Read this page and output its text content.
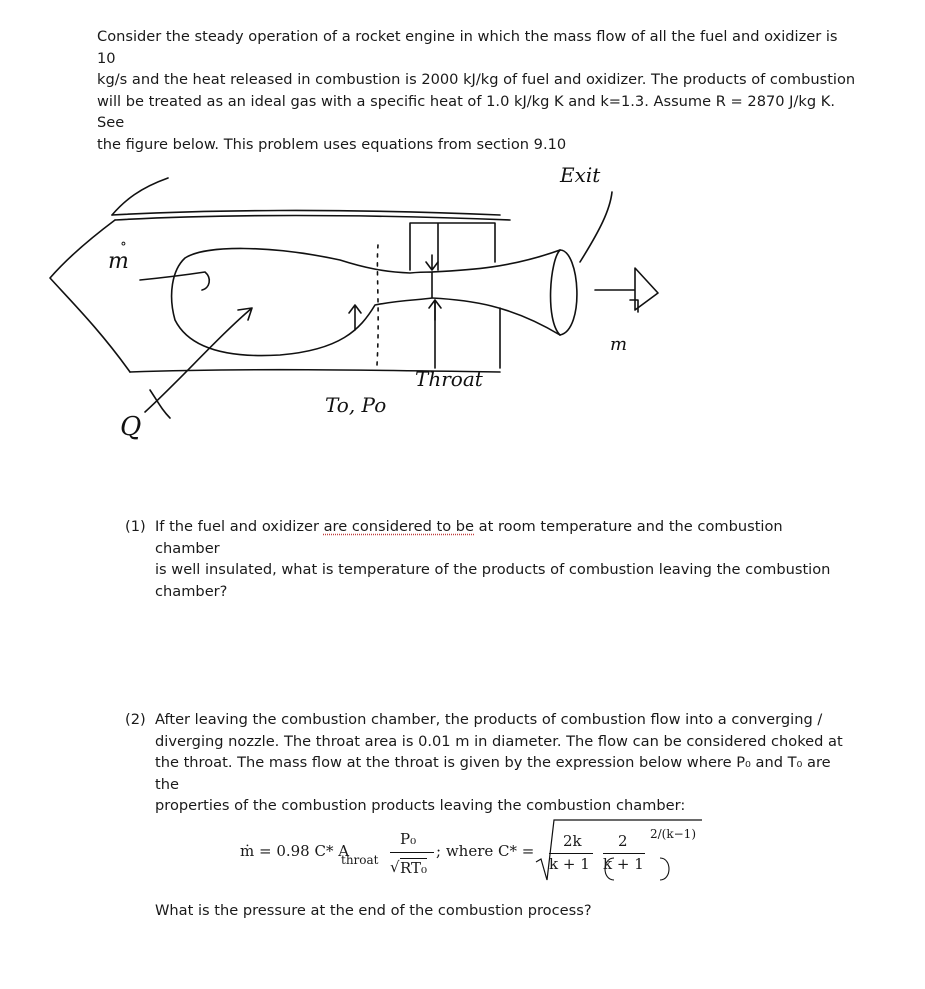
Consider the steady operation of a rocket engine in which the mass flow of all the fuel and oxidizer is 10
kg/s and the heat released in combustion is 2000 kJ/kg of fuel and oxidizer. The products of combustion
will be treated as an ideal gas with a specific heat of 1.0 kJ/kg K and k=1.3. Assume R = 2870 J/kg K. See
the figure below. This problem uses equations from section 9.10
m
∘
Exit
m
Q
Throat
To, Po
(1) If the fuel and oxidizer are considered to be at room temperature and the combustion chamber
is well insulated, what is temperature of the products of combustion leaving the combustion
chamber?
(2) After leaving the combustion chamber, the products of combustion flow into a converging /
diverging nozzle. The throat area is 0.01 m in diameter. The flow can be considered choked at
the throat. The mass flow at the throat is given by the expression below where P₀ and T₀ are the
properties of the combustion products leaving the combustion chamber:
ṁ = 0.98 C* A
throat
P₀
√ RT₀
; where C* =
2k
k + 1
2
k + 1
2/(k−1)
What is the pressure at the end of the combustion process?
